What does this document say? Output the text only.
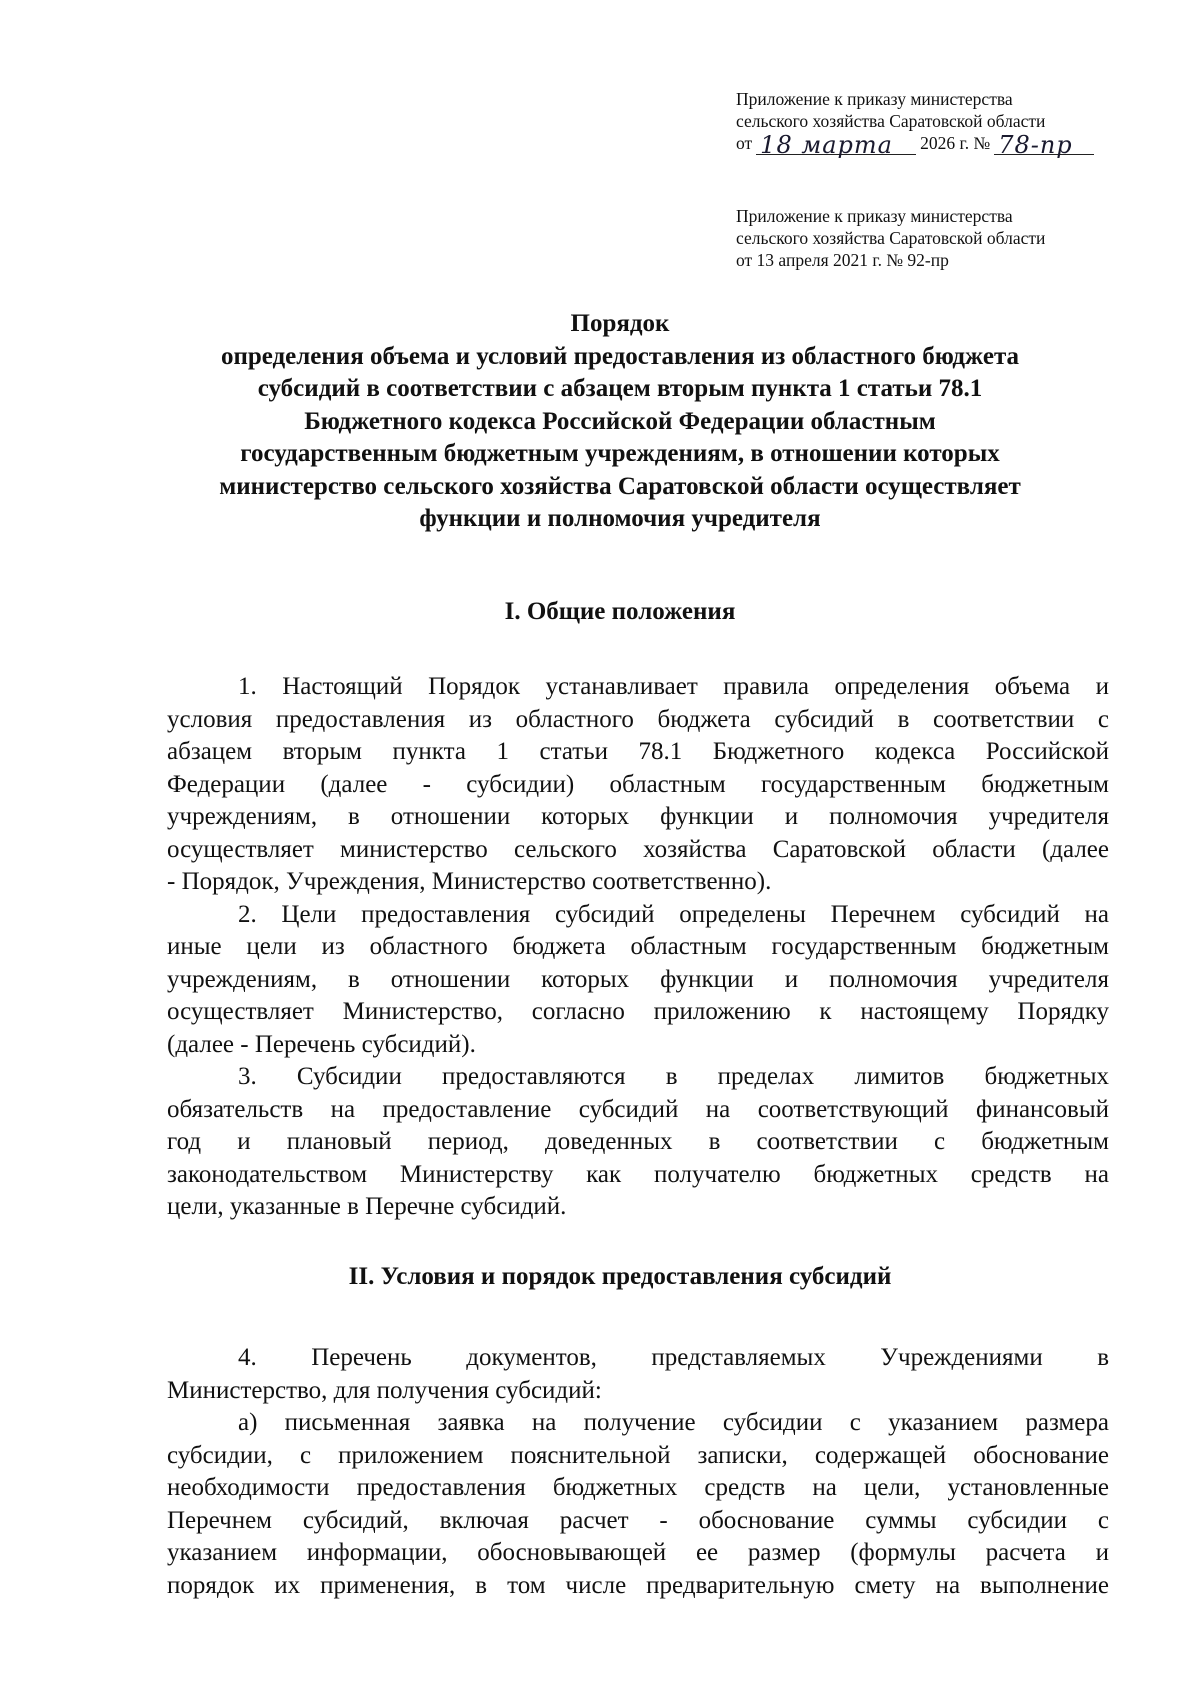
Приложение к приказу министерства
сельского хозяйства Саратовской области
от 18 марта 2026 г. № 78-пр

Приложение к приказу министерства
сельского хозяйства Саратовской области
от 13 апреля 2021 г. № 92-пр
Порядок
определения объема и условий предоставления из областного бюджета
субсидий в соответствии с абзацем вторым пункта 1 статьи 78.1
Бюджетного кодекса Российской Федерации областным
государственным бюджетным учреждениям, в отношении которых
министерство сельского хозяйства Саратовской области осуществляет
функции и полномочия учредителя
I. Общие положения
1. Настоящий Порядок устанавливает правила определения объема и
условия предоставления из областного бюджета субсидий в соответствии с
абзацем вторым пункта 1 статьи 78.1 Бюджетного кодекса Российской
Федерации (далее - субсидии) областным государственным бюджетным
учреждениям, в отношении которых функции и полномочия учредителя
осуществляет министерство сельского хозяйства Саратовской области (далее
- Порядок, Учреждения, Министерство соответственно).
2. Цели предоставления субсидий определены Перечнем субсидий на
иные цели из областного бюджета областным государственным бюджетным
учреждениям, в отношении которых функции и полномочия учредителя
осуществляет Министерство, согласно приложению к настоящему Порядку
(далее - Перечень субсидий).
3. Субсидии предоставляются в пределах лимитов бюджетных
обязательств на предоставление субсидий на соответствующий финансовый
год и плановый период, доведенных в соответствии с бюджетным
законодательством Министерству как получателю бюджетных средств на
цели, указанные в Перечне субсидий.
II. Условия и порядок предоставления субсидий
4. Перечень документов, представляемых Учреждениями в
Министерство, для получения субсидий:
а) письменная заявка на получение субсидии с указанием размера
субсидии, с приложением пояснительной записки, содержащей обоснование
необходимости предоставления бюджетных средств на цели, установленные
Перечнем субсидий, включая расчет - обоснование суммы субсидии с
указанием информации, обосновывающей ее размер (формулы расчета и
порядок их применения, в том числе предварительную смету на выполнение
